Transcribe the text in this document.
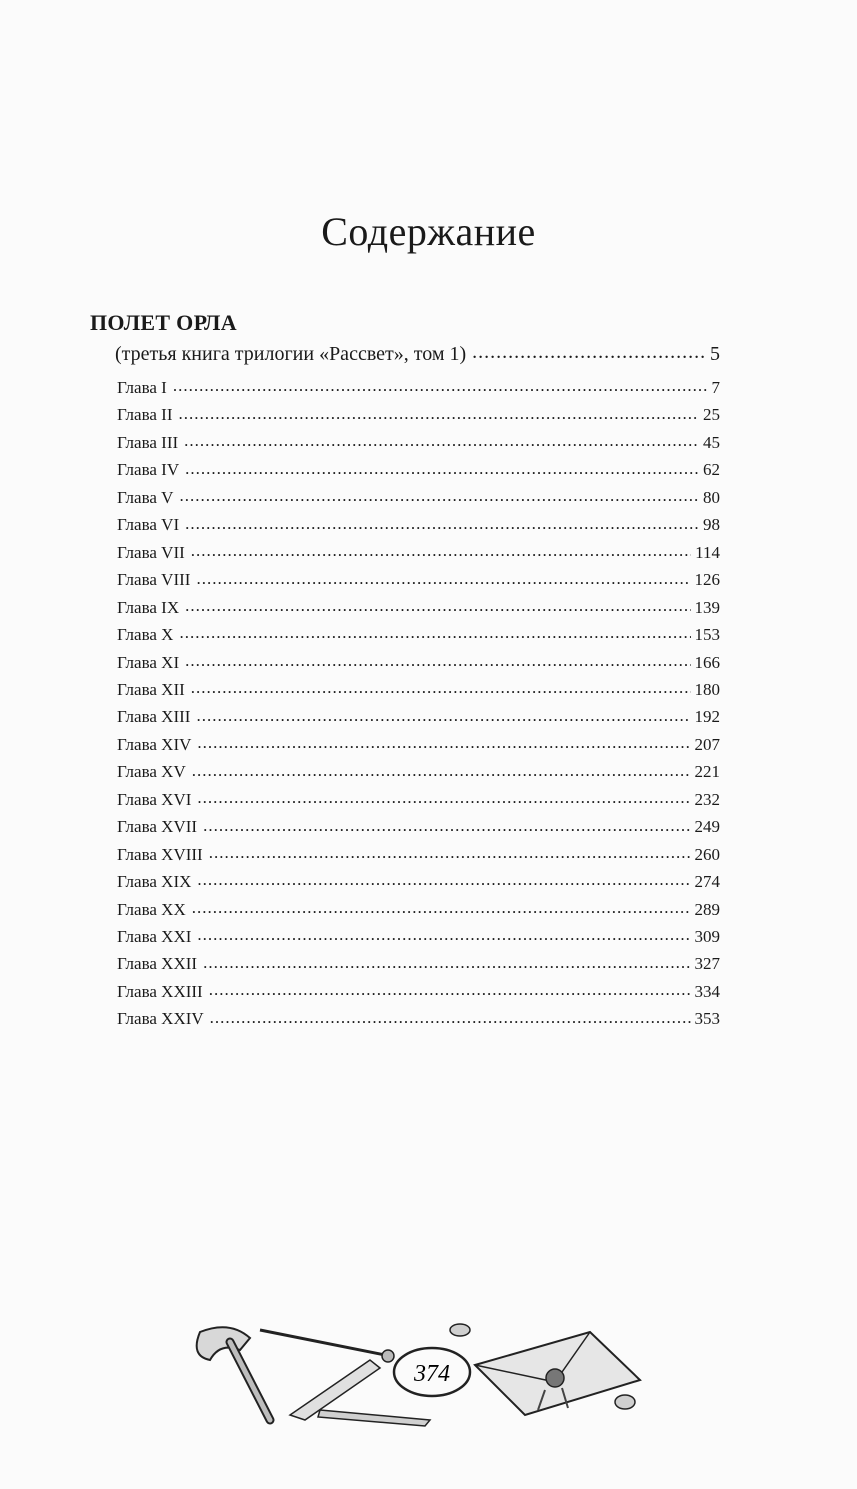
Содержание
ПОЛЕТ ОРЛА
(третья книга трилогии «Рассвет», том 1) .....	5
Глава I .....	7
Глава II .....	25
Глава III .....	45
Глава IV .....	62
Глава V .....	80
Глава VI .....	98
Глава VII .....	114
Глава VIII .....	126
Глава IX .....	139
Глава X .....	153
Глава XI .....	166
Глава XII .....	180
Глава XIII .....	192
Глава XIV .....	207
Глава XV .....	221
Глава XVI .....	232
Глава XVII .....	249
Глава XVIII .....	260
Глава XIX .....	274
Глава XX .....	289
Глава XXI .....	309
Глава XXII .....	327
Глава XXIII .....	334
Глава XXIV .....	353
374
